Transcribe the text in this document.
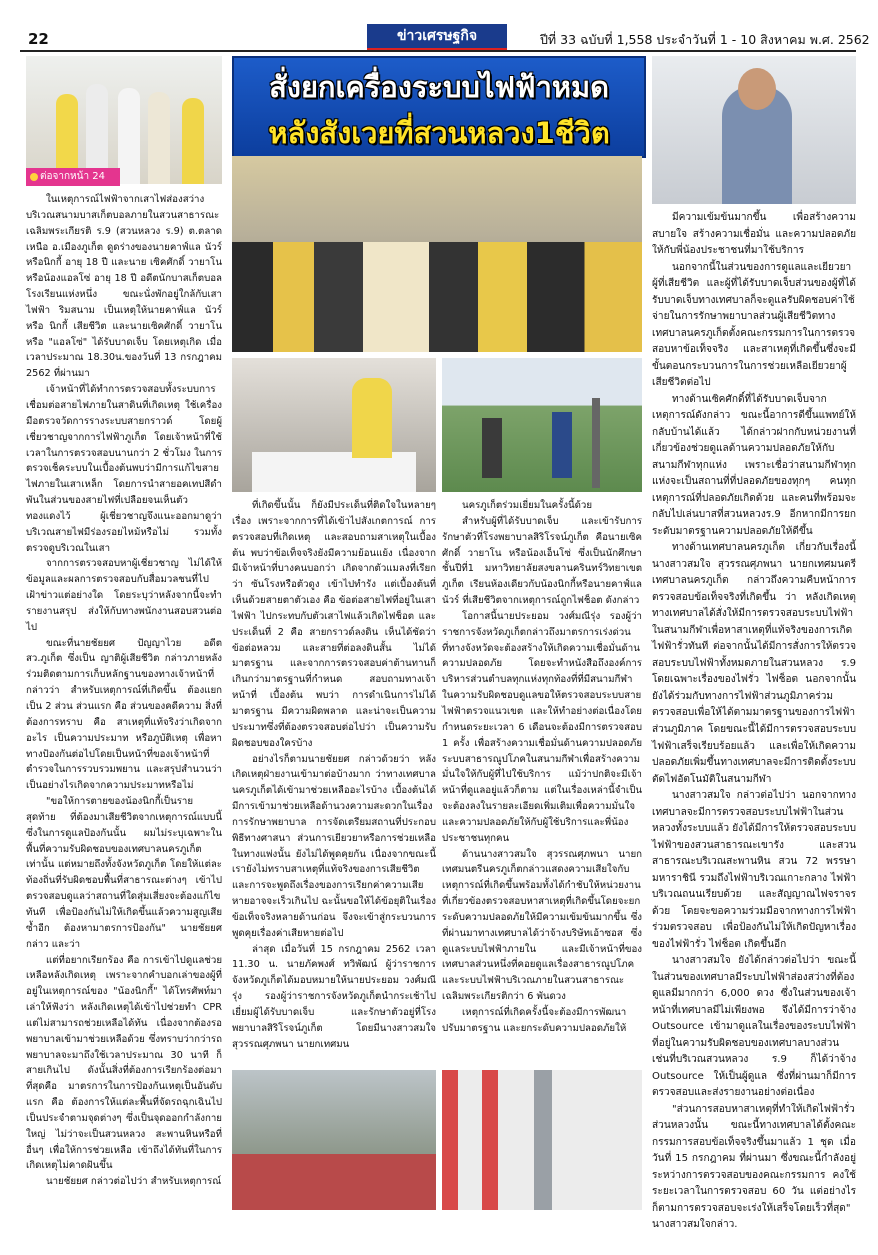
22	ข่าวเศรษฐกิจ	ปีที่ 33 ฉบับที่ 1,558 ประจำวันที่ 1 - 10 สิงหาคม พ.ศ. 2562
ต่อจากหน้า 24
สั่งยกเครื่องระบบไฟฟ้าหมด
หลังสังเวยที่สวนหลวง1ชีวิต

ในเหตุการณ์ไฟฟ้าจากเสาไฟส่องสว่างบริเวณสนามบาสเก็ตบอลภายในสวนสาธารณะเฉลิมพระเกียรติ ร.9 (สวนหลวง ร.9) ต.ตลาดเหนือ อ.เมืองภูเก็ต ดูดร่างของนายคาฟ์แล นัวร์ หรือนิกกี้ อายุ 18 ปี และนาย เซิคศักดิ์ วายาโน หรือน้องแอลโซ่ อายุ 18 ปี อดีตนักบาสเก็ตบอลโรงเรียนแห่งหนึ่ง ขณะนั่งพักอยู่ใกล้กับเสาไฟฟ้า ริมสนาม เป็นเหตุให้นายคาฟ์แล นัวร์ หรือ นิกกี้ เสียชีวิต และนายเซิคศักดิ์ วายาโน หรือ "แอลโซ่" ได้รับบาดเจ็บ โดยเหตุเกิด เมื่อเวลาประมาณ 18.30น.ของวันที่ 13 กรกฎาคม 2562 ที่ผ่านมา

เจ้าหน้าที่ได้ทำการตรวจสอบทั้งระบบการเชื่อมต่อสายไฟภายในสาดินที่เกิดเหตุ ใช้เครื่องมือตรวจวัดการรางระบบสายกราวด์ โดยผู้เชี่ยวชาญจากการไฟฟ้าภูเก็ต โดยเจ้าหน้าที่ใช้เวลาในการตรวจสอบนานกว่า 2 ชั่วโมง ในการตรวจเช็คระบบในเบื้องต้นพบว่ามีการแก้ไขสายไฟภายในเสาเหล็ก โดยการนำสายอคเทปสีดำพันในส่วนของสายไฟที่เปลือยจนเห็นตัวทองแดงไว้ ผู้เชี่ยวชาญจึงแนะออกมาดูว่าบริเวณสายไฟมีร่องรอยไหม้หรือไม่ รวมทั้งตรวจดูบริเวณในเสา

จากการตรวจสอบหาผู้เชี่ยวชาญ ไม่ได้ให้ข้อมูลและผลการตรวจสอบกับสื่อมวลชนที่ไปเฝ้าข่าวแต่อย่างใด โดยระบุว่าหลังจากนี้จะทำรายงานสรุป ส่งให้กับทางพนักงานสอบสวนต่อไป

ขณะที่นายชัยยศ ปัญญาไวย อดีต สว.ภูเก็ต ซึ่งเป็น ญาติผู้เสียชีวิต กล่าวภายหลังร่วมติดตามการเก็บหลักฐานของทางเจ้าหน้าที่ กล่าวว่า สำหรับเหตุการณ์ที่เกิดขึ้น ต้องแยกเป็น 2 ส่วน ส่วนแรก คือ ส่วนของคดีความ สิ่งที่ต้องการทราบ คือ สาเหตุที่แท้จริงว่าเกิดจากอะไร เป็นความประมาท หรือภูบัติเหตุ เพื่อหาทางป้องกันต่อไปโดยเป็นหน้าที่ของเจ้าหน้าที่ตำรวจในการรวบรวมพยาน และสรุปสำนวนว่าเป็นอย่างไรเกิดจากความประมาทหรือไม่

"ขอให้การตายของน้องนิกกี้เป็นรายสุดท้าย ที่ต้องมาเสียชีวิตจากเหตุการณ์แบบนี้ ซึ่งในการดูแลป้องกันนั้น ผมไม่ระบุเฉพาะในพื้นที่ความรับผิดชอบของเทศบาลนครภูเก็ตเท่านั้น แต่หมายถึงทั้งจังหวัดภูเก็ต โดยให้แต่ละท้องถิ่นที่รับผิดชอบพื้นที่สาธารณะต่างๆ เข้าไปตรวจสอบดูแลว่าสถานที่ใดสุ่มเสี่ยงจะต้องแก้ไขทันที เพื่อป้องกันไม่ให้เกิดขึ้นแล้วความสูญเสียซ้ำอีก ต้องหามาตรการป้องกัน" นายชัยยศกล่าว และว่า

แต่ที่อยากเรียกร้อง คือ การเข้าไปดูแลช่วยเหลือหลังเกิดเหตุ เพราะจากคำบอกเล่าของผู้ที่อยู่ในเหตุการณ์ของ "น้องนิกกี้" ได้โทรศัพท์มาเล่าให้ฟังว่า หลังเกิดเหตุได้เข้าไปช่วยทำ CPR แต่ไม่สามารถช่วยเหลือได้ทัน เนื่องจากต้องรอพยาบาลเข้ามาช่วยเหลือด้วย ซึ่งทราบว่ากว่ารถพยาบาลจะมาถึงใช้เวลาประมาณ 30 นาที ก็สายเกินไป ดังนั้นสิ่งที่ต้องการเรียกร้องต่อมาที่สุดคือ มาตรการในการป้องกันเหตุเป็นอันดับแรก คือ ต้องการให้แต่ละพื้นที่จัดรถฉุกเฉินไปเป็นประจำตามจุดต่างๆ ซึ่งเป็นจุดออกกำลังกายใหญ่ ไม่ว่าจะเป็นสวนหลวง สะพานหินหรือที่อื่นๆ เพื่อให้การช่วยเหลือ เข้าถึงได้ทันที่ในการเกิดเหตุไม่คาดฝันขึ้น

นายชัยยศ กล่าวต่อไปว่า สำหรับเหตุการณ์

ที่เกิดขึ้นนั้น ก็ยังมีประเด็นที่ติดใจในหลายๆ เรื่อง เพราะจากการที่ได้เข้าไปสังเกตการณ์ การตรวจสอบที่เกิดเหตุ และสอบถามสาเหตุในเบื้องต้น พบว่าข้อเท็จจริงยังมีความย้อนแย้ง เนื่องจากมีเจ้าหน้าที่บางคนบอกว่า เกิดจากตัวแมลงที่เรียกว่า ซันโรงหรือตัวดูง เข้าไปทำรัง แต่เบื้องต้นที่เห็นด้วยสายตาตัวเอง คือ ข้อต่อสายไฟที่อยู่ในเสาไฟฟ้า ไปกระทบกับตัวเสาไฟแล้วเกิดไฟช็อต และประเด็นที่ 2 คือ สายกราวด์ลงดิน เห็นได้ชัดว่า ข้อต่อหลวม และสายที่ต่อลงดินสั้น ไม่ได้มาตรฐาน และจากการตรวจสอบค่าต้านทานก็เกินกว่ามาตรฐานที่กำหนด สอบถามทางเจ้าหน้าที่ เบื้องต้น พบว่า การดำเนินการไม่ได้มาตรฐาน มีความผิดพลาด และน่าจะเป็นความประมาทซึ่งที่ต้องตรวจสอบต่อไปว่า เป็นความรับผิดชอบของใครบ้าง

อย่างไรก็ตามนายชัยยศ กล่าวด้วยว่า หลังเกิดเหตุฝ่ายงานเข้ามาต่อบ้างมาก ว่าทางเทศบาลนครภูเก็ตได้เข้ามาช่วยเหลืออะไรบ้าง เบื้องต้นได้มีการเข้ามาช่วยเหลือด้านวงความสะดวกในเรื่องการรักษาพยาบาล การจัดเตรียมสถานที่ประกอบพิธีทางศาสนา ส่วนการเยียวยาหรือการช่วยเหลือในทางแพ่งนั้น ยังไม่ได้พูดคุยกัน เนื่องจากขณะนี้เรายังไม่ทราบสาเหตุที่แท้จริงของการเสียชีวิต และการจะพูดถึงเรื่องของการเรียกค่าความเสียหายอาจจะเร็วเกินไป ฉะนั้นขอให้ได้ข้อยุติในเรื่องข้อเท็จจริงหลายด้านก่อน จึงจะเข้าสู่กระบวนการพูดคุยเรื่องค่าเสียหายต่อไป

ล่าสุด เมื่อวันที่ 15 กรกฎาคม 2562 เวลา 11.30 น. นายภัคพงศ์ ทวิพัฒน์ ผู้ว่าราชการจังหวัดภูเก็ตได้มอบหมายให้นายประยอม วงศ์มณีรุ่ง รองผู้ว่าราชการจังหวัดภูเก็ตนำกระเช้าไปเยี่ยมผู้ได้รับบาดเจ็บ และรักษาตัวอยู่ที่โรงพยาบาลสิริโรจน์ภูเก็ต โดยมีนางสาวสมใจ สุวรรณศุภพนา นายกเทศมน

นครภูเก็ตร่วมเยี่ยมในครั้งนี้ด้วย

สำหรับผู้ที่ได้รับบาดเจ็บ และเข้ารับการรักษาตัวที่โรงพยาบาลสิริโรจน์ภูเก็ต คือนายเซิคศักดิ์ วายาโน หรือน้องเอ็นโซ่ ซึ่งเป็นนักศึกษาชั้นปีที่1 มหาวิทยาลัยสงขลานครินทร์วิทยาเขตภูเก็ต เรียนห้องเดียวกับน้องนิกกี้หรือนายคาฟ์แล นัวร์ ที่เสียชีวิตจากเหตุการณ์ถูกไฟช็อต ดังกล่าว

โอกาสนี้นายประยอม วงศ์มณีรุ่ง รองผู้ว่าราชการจังหวัดภูเก็ตกล่าวถึงมาตรการเร่งด่วนที่ทางจังหวัดจะต้องสร้างให้เกิดความเชื่อมั่นด้านความปลอดภัย โดยจะทำหนังสือถึงองค์การบริหารส่วนตำบลทุกแห่งทุกท้องที่ที่มีสนามกีฬาในความรับผิดชอบดูแลขอให้ตรวจสอบระบบสายไฟฟ้าตรวจแนวเขต และให้ทำอย่างต่อเนื่องโดยกำหนดระยะเวลา 6 เดือนจะต้องมีการตรวจสอบ 1 ครั้ง เพื่อสร้างความเชื่อมั่นด้านความปลอดภัยระบบสาธารณูปโภคในสนามกีฬาเพื่อสร้างความมั่นใจให้กับผู้ที่ไปใช้บริการ แม้ว่าปกติจะมีเจ้าหน้าที่ดูแลอยู่แล้วก็ตาม แต่ในเรื่องเหล่านี้จำเป็นจะต้องลงในรายละเอียดเพิ่มเติมเพื่อความมั่นใจ และความปลอดภัยให้กับผู้ใช้บริการและพี่น้องประชาชนทุกคน

ด้านนางสาวสมใจ สุวรรณศุภพนา นายกเทศมนตรีนครภูเก็ตกล่าวแสดงความเสียใจกับเหตุการณ์ที่เกิดขึ้นพร้อมทั้งได้กำชับให้หน่วยงานที่เกี่ยวข้องตรวจสอบหาสาเหตุที่เกิดขึ้นโดยจะยกระดับความปลอดภัยให้มีความเข้มข้นมากขึ้น ซึ่งที่ผ่านมาทางเทศบาลได้ว่าจ้างบริษัทเอ้าซอส ซึ่งดูแลระบบไฟฟ้าภายใน และมีเจ้าหน้าที่ของเทศบาลส่วนหนึ่งที่คอยดูแลเรื่องสาธารณูปโภค และระบบไฟฟ้าบริเวณภายในสวนสาธารณะเฉลิมพระเกียรติกว่า 6 พันดวง

เหตุการณ์ที่เกิดครั้งนี้จะต้องมีการพัฒนาปรับมาตรฐาน และยกระดับความปลอดภัยให้

มีความเข้มข้นมากขึ้น เพื่อสร้างความสบายใจ สร้างความเชื่อมั่น และความปลอดภัยให้กับพี่น้องประชาชนที่มาใช้บริการ

นอกจากนี้ในส่วนของการดูแลและเยียวยาผู้ที่เสียชีวิต และผู้ที่ได้รับบาดเจ็บส่วนของผู้ที่ได้รับบาดเจ็บทางเทศบาลก็จะดูแลรับผิดชอบค่าใช้จ่ายในการรักษาพยาบาลส่วนผู้เสียชีวิตทางเทศบาลนครภูเก็ตตั้งคณะกรรมการในการตรวจสอบหาข้อเท็จจริง และสาเหตุที่เกิดขึ้นซึ่งจะมีขั้นตอนกระบวนการในการช่วยเหลือเยียวยาผู้เสียชีวิตต่อไป

ทางด้านเซิคศักดิ์ที่ได้รับบาดเจ็บจากเหตุการณ์ดังกล่าว ขณะนี้อาการดีขึ้นแพทย์ให้กลับบ้านได้แล้ว ได้กล่าวฝากกับหน่วยงานที่เกี่ยวข้องช่วยดูแลด้านความปลอดภัยให้กับสนามกีฬาทุกแห่ง เพราะเชื่อว่าสนามกีฬาทุกแห่งจะเป็นสถานที่ที่ปลอดภัยของทุกๆ คนทุกเหตุการณ์ที่ปลอดภัยเกิดด้วย และคนที่พร้อมจะกลับไปเล่นบาสที่สวนหลวงร.9 อีกหากมีการยกระดับมาตรฐานความปลอดภัยให้ดีขึ้น

ทางด้านเทศบาลนครภูเก็ต เกี่ยวกับเรื่องนี้ นางสาวสมใจ สุวรรณศุภพนา นายกเทศมนตรีเทศบาลนครภูเก็ต กล่าวถึงความคืบหน้าการตรวจสอบข้อเท็จจริงที่เกิดขึ้น ว่า หลังเกิดเหตุทางเทศบาลได้สั่งให้มีการตรวจสอบระบบไฟฟ้าในสนามกีฬาเพื่อหาสาเหตุที่แท้จริงของการเกิดไฟฟ้ารั่วทันที ต่อจากนั้นได้มีการสั่งการให้ตรวจสอบระบบไฟฟ้าทั้งหมดภายในสวนหลวง ร.9 โดยเฉพาะเรื่องของไฟรั่ว ไฟช็อต นอกจากนั้นยังได้ร่วมกับทางการไฟฟ้าส่วนภูมิภาคร่วมตรวจสอบเพื่อให้ได้ตามมาตรฐานของการไฟฟ้าส่วนภูมิภาค โดยขณะนี้ได้มีการตรวจสอบระบบไฟฟ้าเสร็จเรียบร้อยแล้ว และเพื่อให้เกิดความปลอดภัยเพิ่มขึ้นทางเทศบาลจะมีการติดตั้งระบบตัดไฟอัตโนมัติในสนามกีฬา

นางสาวสมใจ กล่าวต่อไปว่า นอกจากทางเทศบาลจะมีการตรวจสอบระบบไฟฟ้าในส่วนหลวงทั้งระบบแล้ว ยังได้มีการให้ตรวจสอบระบบไฟฟ้าของสวนสาธารณะเขารัง และสวนสาธารณะบริเวณสะพานหิน สวน 72 พรรษามหาราชินี รวมถึงไฟฟ้าบริเวณเกาะกลาง ไฟฟ้าบริเวณถนนเรียบด้วย และสัญญาณไฟจราจร ด้วย โดยจะขอความร่วมมือจากทางการไฟฟ้าร่วมตรวจสอบ เพื่อป้องกันไม่ให้เกิดปัญหาเรื่องของไฟฟ้ารั่ว ไฟช็อต เกิดขึ้นอีก

นางสาวสมใจ ยังได้กล่าวต่อไปว่า ขณะนี้ในส่วนของเทศบาลมีระบบไฟฟ้าส่องสว่างที่ต้องดูแลมีมากกว่า 6,000 ดวง ซึ่งในส่วนของเจ้าหน้าที่เทศบาลมีไม่เพียงพอ จึงได้มีการว่าจ้าง Outsource เข้ามาดูแลในเรื่องของระบบไฟฟ้าที่อยู่ในความรับผิดชอบของเทศบาลบางส่วน เช่นที่บริเวณสวนหลวง ร.9 ก็ได้ว่าจ้าง Outsource ให้เป็นผู้ดูแล ซึ่งที่ผ่านมาก็มีการตรวจสอบและส่งรายงานอย่างต่อเนื่อง

"ส่วนการสอบหาสาเหตุที่ทำให้เกิดไฟฟ้ารั่วส่วนหลวงนั้น ขณะนี้ทางเทศบาลได้ตั้งคณะกรรมการสอบข้อเท็จจริงขึ้นมาแล้ว 1 ชุด เมื่อวันที่ 15 กรกฎาคม ที่ผ่านมา ซึ่งขณะนี้กำลังอยู่ระหว่างการตรวจสอบของคณะกรรมการ คงใช้ระยะเวลาในการตรวจสอบ 60 วัน แต่อย่างไรก็ตามการตรวจสอบจะเร่งให้เสร็จโดยเร็วที่สุด" นางสาวสมใจกล่าว.
